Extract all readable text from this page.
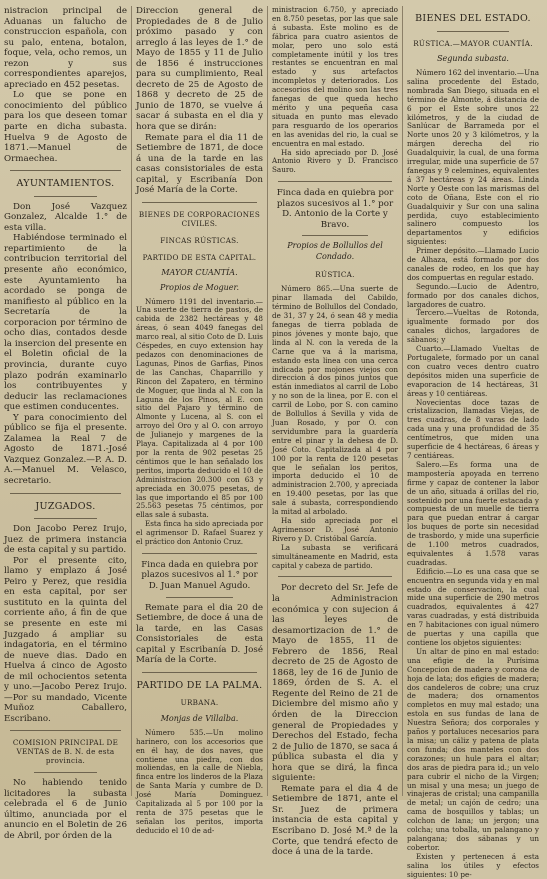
nistracion principal de Aduanas un falucho de construccion española, con su palo, entena, botalon, foque, vela, ocho remos, un rezon y sus correspondientes aparejos, apreciado en 452 pesetas.

Lo que se pone en conocimiento del público para los que deseen tomar parte en dicha subasta. Huelva 9 de Agosto de 1871.—Manuel de Ormaechea.

AYUNTAMIENTOS.

Don José Vazquez Gonzalez, Alcalde 1.° de esta villa.

Habiéndose terminado el repartimiento de la contribucion territorial del presente año económico, este Ayuntamiento ha acordado se ponga de manifiesto al público en la Secretaría de la corporacion por término de ocho dias, contados desde la insercion del presente en el Boletin oficial de la provincia, durante cuyo plazo podrán examinarlo los contribuyentes y deducir las reclamaciones que estimen conducentes.

Y para conocimiento del público se fija el presente. Zalamea la Real 7 de Agosto de 1871.-José Vazquez Gonzalez.—P. A. D. A.—Manuel M. Velasco, secretario.

JUZGADOS.

Don Jacobo Perez Irujo, Juez de primera instancia de esta capital y su partido.

Por el presente cito, llamo y emplazo á José Peiro y Perez, que residia en esta capital, por ser sustituto en la quinta del corriente año, á fin de que se presente en este mi Juzgado á ampliar su indagatoria, en el término de nueve dias. Dado en Huelva á cinco de Agosto de mil ochocientos setenta y uno.—Jacobo Perez Irujo.—Por su mandado, Vicente Muñoz Caballero, Escribano.

COMISION PRINCIPAL DE VENTAS de B. N. de esta provincia.

No habiendo tenido licitadores la subasta celebrada el 6 de Junio último, anunciada por el anuncio en el Boletin de 26 de Abril, por órden de la

Direccion general de Propiedades de 8 de Julio próximo pasado y con arreglo á las leyes de 1.° de Mayo de 1855 y 11 de Julio de 1856 é instrucciones para su cumplimiento, Real decreto de 25 de Agosto de 1868 y decreto de 25 de Junio de 1870, se vuelve á sacar á subasta en el dia y hora que se dirán:

Remate para el dia 11 de Setiembre de 1871, de doce á una de la tarde en las casas consistoriales de esta capital, y Escribanía Don José María de la Corte.

BIENES DE CORPORACIONES CIVILES.
FINCAS RÚSTICAS.
PARTIDO DE ESTA CAPITAL.
MAYOR CUANTÍA.
Propios de Moguer.

Número 1191 del inventario.—Una suerte de tierra de pastos, de cabida de 2382 hectáreas y 48 áreas, ó sean 4049 fanegas del marco real, al sitio Coto de D. Luis Céspedes, en cuyo extension hay pedazos con denominaciones de Lagunas, Pinos de Garfias, Pinos de las Canchas, Chaparrillo y Rincon del Zapatero, en término de Moguer, que linda al N. con la Laguna de los Pinos, al E. con sitio del Pajaro y término de Almonte y Lucena, al S. con el arroyo del Oro y al O. con arroyo de Julianejo y margenes de la Playa. Capitalizada al 4 por 100 por la renta de 902 pesetas 25 céntimos que le han señalado los peritos, importa deducido el 10 de Administracion 20.300 con 63 y apreciada en 30.075 pesetas, de las que importando el 85 por 100 25.563 pesetas 75 céntimos, por ellas sale á subasta.

Esta finca ha sido apreciada por el agrimensor D. Rafael Suarez y el práctico don Antonio Cruz.

Finca dada en quiebra por plazos sucesivos al 1.° por D. Juan Manuel Agudo.

Remate para el dia 20 de Setiembre, de doce á una de la tarde, en las Casas Consistoriales de esta capital y Escribanía D. José María de la Corte.

PARTIDO DE LA PALMA.
URBANA.
Monjas de Villalba.

Número 535.—Un molino harinero, con los accesorios que en él hay, de dos naves, que contiene una piedra, con dos moliendas, en la calle de Niebla, finca entre los linderos de la Plaza de Santa María y cumbre de D. José María Dominguez. Capitalizada al 5 por 100 por la renta de 375 pesetas que le señalan los peritos, importa deducido el 10 de ad-

ministracion 6.750, y apreciado en 8.750 pesetas, por las que sale á subasta. Este molino es de fábrica para cuatro asientos de molar, pero uno solo está completamente inútil y los tres restantes se encuentran en mal estado y sus artefactos incompletos y deteriorados. Los accesorios del molino son las tres fanegas de que queda hecho mérito y una pequeña casa situada en punto mas elevado para resguardo de los operarios en las avenidas del rio, la cual se encuentra en mal estado.

Ha sido apreciado por D. José Antonio Rivero y D. Francisco Sauro.

Finca dada en quiebra por plazos sucesivos al 1.° por D. Antonio de la Corte y Bravo.

Propios de Bollullos del Condado.
RÚSTICA.

Número 865.—Una suerte de pinar llamada del Cabildo, término de Bollullos del Condado, de 31, 37 y 24, ó sean 48 y media fanegas de tierra poblada de pinos jóvenes y monte bajo, que linda al N. con la vereda de la Carne que va á la marisma, estando esta linea con una cerca indicada por mojones viejos con direccion á dos pinos juntos que están inmediatos al carril de Lobo y no son de la linea, por E. con el carril de Lobo, por S. con camino de Bollullos á Sevilla y vida de Juan Rosado, y por O. con servidumbre para la guardería entre el pinar y la dehesa de D. José Coto. Capitalizada al 4 por 100 por la renta de 120 pesetas que le señalan los peritos, importa deducido el 10 de administracion 2.700, y apreciada en 19.400 pesetas, por las que sale á subasta, correspondiendo la mitad al arbolado.

Ha sido apreciada por el Agrimensor D. José Antonio Rivero y D. Cristóbal García.

La subasta se verificará simultáneamente en Madrid, esta capital y cabeza de partido.

Por decreto del Sr. Jefe de la Administracion económica y con sujecion á las leyes de desamortizacion de 1.° de Mayo de 1855, 11 de Febrero de 1856, Real decreto de 25 de Agosto de 1868, ley de 16 de Junio de 1869, órden de S. A. el Regente del Reino de 21 de Diciembre del mismo año y órden de la Direccion general de Propiedades y Derechos del Estado, fecha 2 de Julio de 1870, se saca á pública subasta el dia y hora que se dirá, la finca siguiente:

Remate para el dia 4 de Setiembre de 1871, ante el Sr. Juez de primera instancia de esta capital y Escribano D. José M.ª de la Corte, que tendrá efecto de doce á una de la tarde.

BIENES DEL ESTADO.
RÚSTICA.—MAYOR CUANTÍA.
Segunda subasta.

Número 162 del inventario.—Una salina procedente del Estado, nombrada San Diego, situada en el término de Almonte, á distancia de 6 por el Este sobre unos 22 kilómetros, y de la ciudad de Sanlúcar de Barrameda por el Norte unos 20 y 3 kilómetros, y la márgen derecha del rio Guadalquivir, la cual, de una forma irregular, mide una superficie de 57 fanegas y 9 celemines, equivalentes á 37 hectáreas y 24 áreas. Linda Norte y Oeste con las marismas del coto de Oñana, Este con el rio Guadalquivir y Sur con una salina perdida, cuyo establecimiento salinero compuesto los departamentos y edificios siguientes:

Primer depósito.—Llamado Lucio de Alhaza, está formado por dos canales de rodeo, en los que hay dos compuertas en regular estado.

Segundo.—Lucio de Adentro, formado por dos canales dichos, largadores de cuatro.

Tercero.—Vueltas de Rotonda, igualmente formado por dos canales dichos, largadores de sábanos; y

Cuarto.—Llamado Vueltas de Portugalete, formado por un canal con cuatro veces dentro cuatro depósitos miden una superficie de evaporacion de 14 hectáreas, 31 áreas y 10 centiáreas.

Novecientas doce tazas de cristalizacion, llamadas Viejas, de tres cuadras, de 8 varas de lado cada una y una profundidad de 35 centímetros, que miden una superficie de 4 hectáreas, 6 áreas y 7 centiáreas.

Salero.—Es forma una de mampostería apoyada en terreno firme y capaz de contener la labor de un año, situada á orillas del rio, sostenido por una fuerte estacada y compuesta de un muelle de tierra para que puedan entrar á cargar los buques de porte sin necesidad de trasbordo, y mide una superficie de 1.100 metros cuadrados, equivalentes á 1.578 varas cuadradas.

Edificio.—Lo es una casa que se encuentra en segunda vida y en mal estado de conservacion, la cual mide una superficie de 290 metros cuadrados, equivalentes á 427 varas cuadradas, y está distribuida en 7 habitaciones con igual número de puertas y una capilla que contiene los objetos siguientes:

Un altar de pino en mal estado: una efigie de la Purísima Concepcion de madera y corona de hoja de lata; dos efigies de madera; dos candeleros de cobre; una cruz de madera; dos ornamentos completos en muy mal estado; una estola en sus fundas de lana de Nuestra Señora; dos corporales y paños y portaluces necesarios para la misa; un cáliz y patena de plata con funda; dos manteles con dos corazones; un hule para el altar; dos aras de piedra para id.; un velo para cubrir el nicho de la Virgen; un misal y una mesa; un juego de vinajeras de cristal; una campanilla de metal; un cajón de cedro; una cama de bosquillos y tablas; un colchon de lana; un jergon; una colcha; una toballa, un palangano y palangana; dos sábanas y un cobertor.

Existen y pertenecen á esta salina los útiles y efectos siguientes: 10 pe-
